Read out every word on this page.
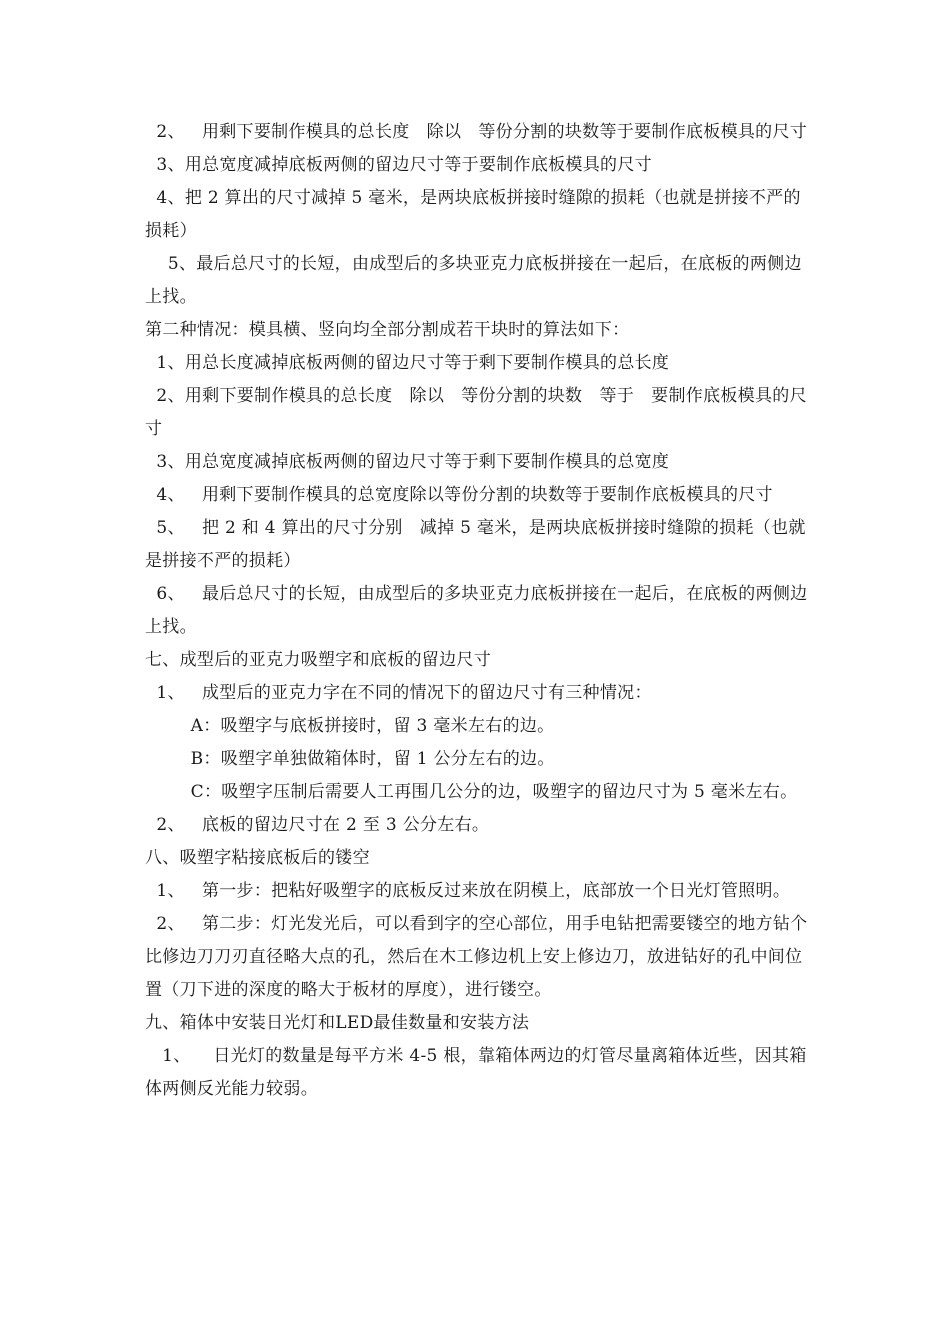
2、   用剩下要制作模具的总长度   除以   等份分割的块数等于要制作底板模具的尺寸

3、用总宽度减掉底板两侧的留边尺寸等于要制作底板模具的尺寸

4、把 2 算出的尺寸减掉 5 毫米，是两块底板拼接时缝隙的损耗（也就是拼接不严的损耗）

5、最后总尺寸的长短，由成型后的多块亚克力底板拼接在一起后，在底板的两侧边上找。

第二种情况：模具横、竖向均全部分割成若干块时的算法如下：

1、用总长度减掉底板两侧的留边尺寸等于剩下要制作模具的总长度

2、用剩下要制作模具的总长度   除以   等份分割的块数   等于   要制作底板模具的尺寸

3、用总宽度减掉底板两侧的留边尺寸等于剩下要制作模具的总宽度

4、   用剩下要制作模具的总宽度除以等份分割的块数等于要制作底板模具的尺寸

5、   把 2 和 4 算出的尺寸分别   减掉 5 毫米，是两块底板拼接时缝隙的损耗（也就是拼接不严的损耗）

6、   最后总尺寸的长短，由成型后的多块亚克力底板拼接在一起后，在底板的两侧边上找。

七、成型后的亚克力吸塑字和底板的留边尺寸

1、   成型后的亚克力字在不同的情况下的留边尺寸有三种情况：

A：吸塑字与底板拼接时，留 3 毫米左右的边。

B：吸塑字单独做箱体时，留 1 公分左右的边。

C：吸塑字压制后需要人工再围几公分的边，吸塑字的留边尺寸为 5 毫米左右。

2、   底板的留边尺寸在 2 至 3 公分左右。

八、吸塑字粘接底板后的镂空

1、   第一步：把粘好吸塑字的底板反过来放在阴模上，底部放一个日光灯管照明。

2、   第二步：灯光发光后，可以看到字的空心部位，用手电钻把需要镂空的地方钻个比修边刀刀刃直径略大点的孔，然后在木工修边机上安上修边刀，放进钻好的孔中间位置（刀下进的深度的略大于板材的厚度），进行镂空。

九、箱体中安装日光灯和LED最佳数量和安装方法

1、    日光灯的数量是每平方米 4-5 根，靠箱体两边的灯管尽量离箱体近些，因其箱体两侧反光能力较弱。
